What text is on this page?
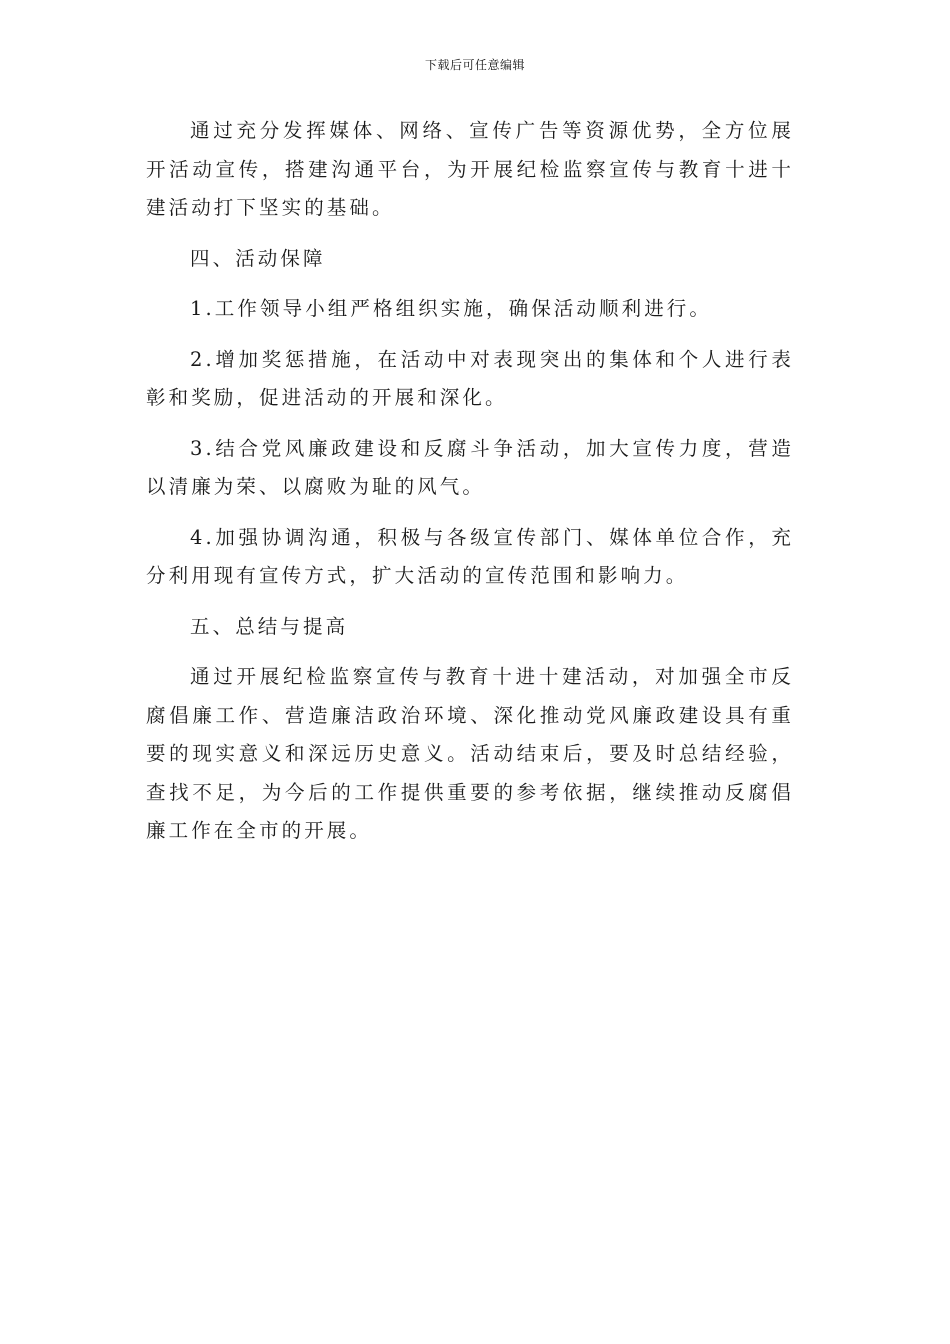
下载后可任意编辑

通过充分发挥媒体、网络、宣传广告等资源优势，全方位展开活动宣传，搭建沟通平台，为开展纪检监察宣传与教育十进十建活动打下坚实的基础。

四、活动保障

1.工作领导小组严格组织实施，确保活动顺利进行。

2.增加奖惩措施，在活动中对表现突出的集体和个人进行表彰和奖励，促进活动的开展和深化。

3.结合党风廉政建设和反腐斗争活动，加大宣传力度，营造以清廉为荣、以腐败为耻的风气。

4.加强协调沟通，积极与各级宣传部门、媒体单位合作，充分利用现有宣传方式，扩大活动的宣传范围和影响力。

五、总结与提高

通过开展纪检监察宣传与教育十进十建活动，对加强全市反腐倡廉工作、营造廉洁政治环境、深化推动党风廉政建设具有重要的现实意义和深远历史意义。活动结束后，要及时总结经验，查找不足，为今后的工作提供重要的参考依据，继续推动反腐倡廉工作在全市的开展。
